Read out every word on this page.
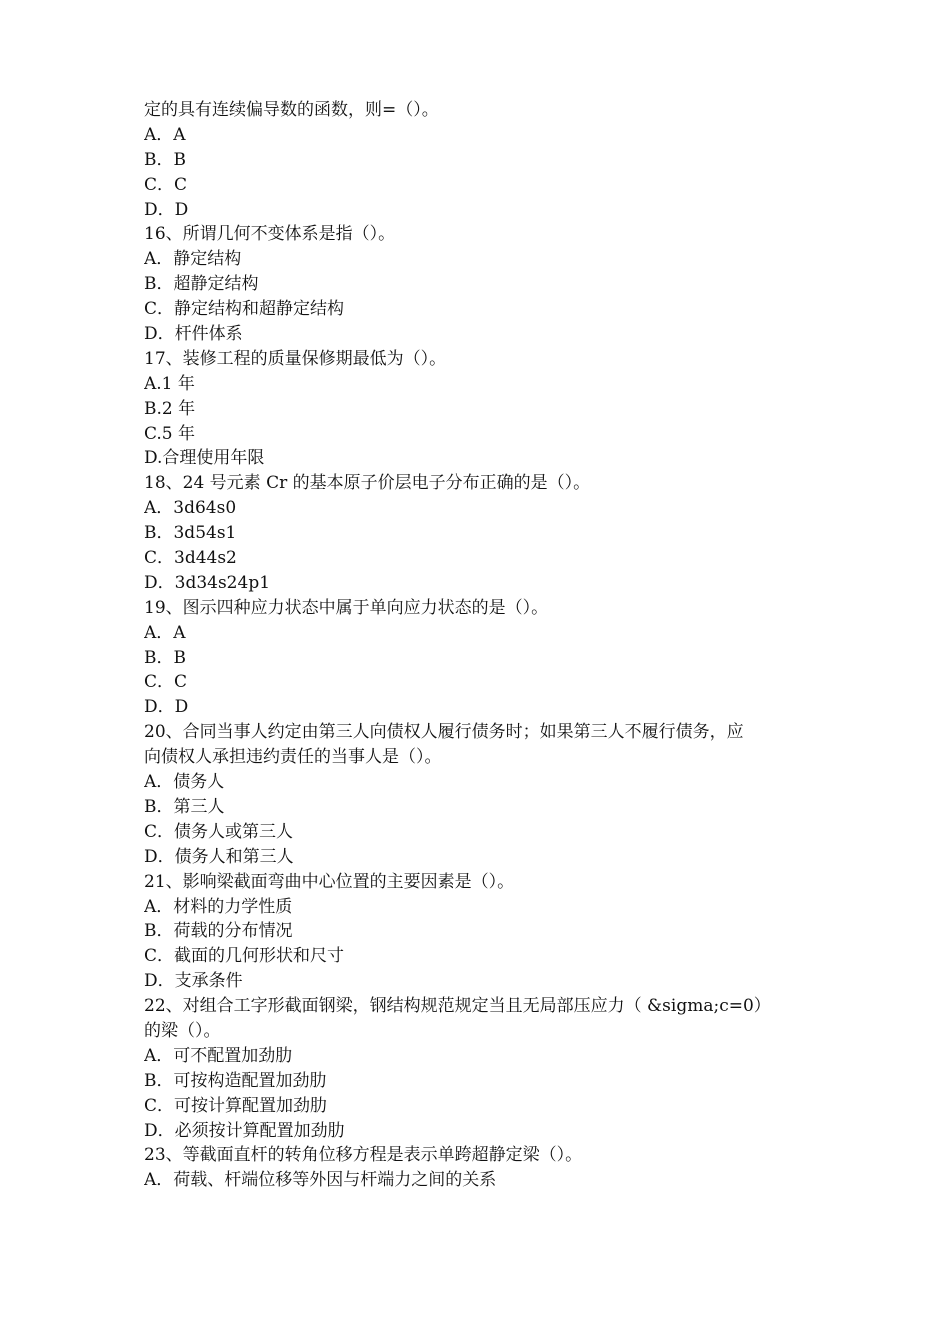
定的具有连续偏导数的函数，则=（）。

A．A

B．B

C．C

D．D

16、所谓几何不变体系是指（）。

A．静定结构

B．超静定结构

C．静定结构和超静定结构

D．杆件体系

17、装修工程的质量保修期最低为（）。

A.1 年

B.2 年

C.5 年

D.合理使用年限

18、24 号元素 Cr 的基本原子价层电子分布正确的是（）。

A．3d64s0

B．3d54s1

C．3d44s2

D．3d34s24p1

19、图示四种应力状态中属于单向应力状态的是（）。

A．A

B．B

C．C

D．D

20、合同当事人约定由第三人向债权人履行债务时；如果第三人不履行债务，应

向债权人承担违约责任的当事人是（）。

A．债务人

B．第三人

C．债务人或第三人

D．债务人和第三人

21、影响梁截面弯曲中心位置的主要因素是（）。

A．材料的力学性质

B．荷载的分布情况

C．截面的几何形状和尺寸

D．支承条件

22、对组合工字形截面钢梁，钢结构规范规定当且无局部压应力（ &sigma;c=0）

的梁（）。

A．可不配置加劲肋

B．可按构造配置加劲肋

C．可按计算配置加劲肋

D．必须按计算配置加劲肋

23、等截面直杆的转角位移方程是表示单跨超静定梁（）。

A．荷载、杆端位移等外因与杆端力之间的关系
